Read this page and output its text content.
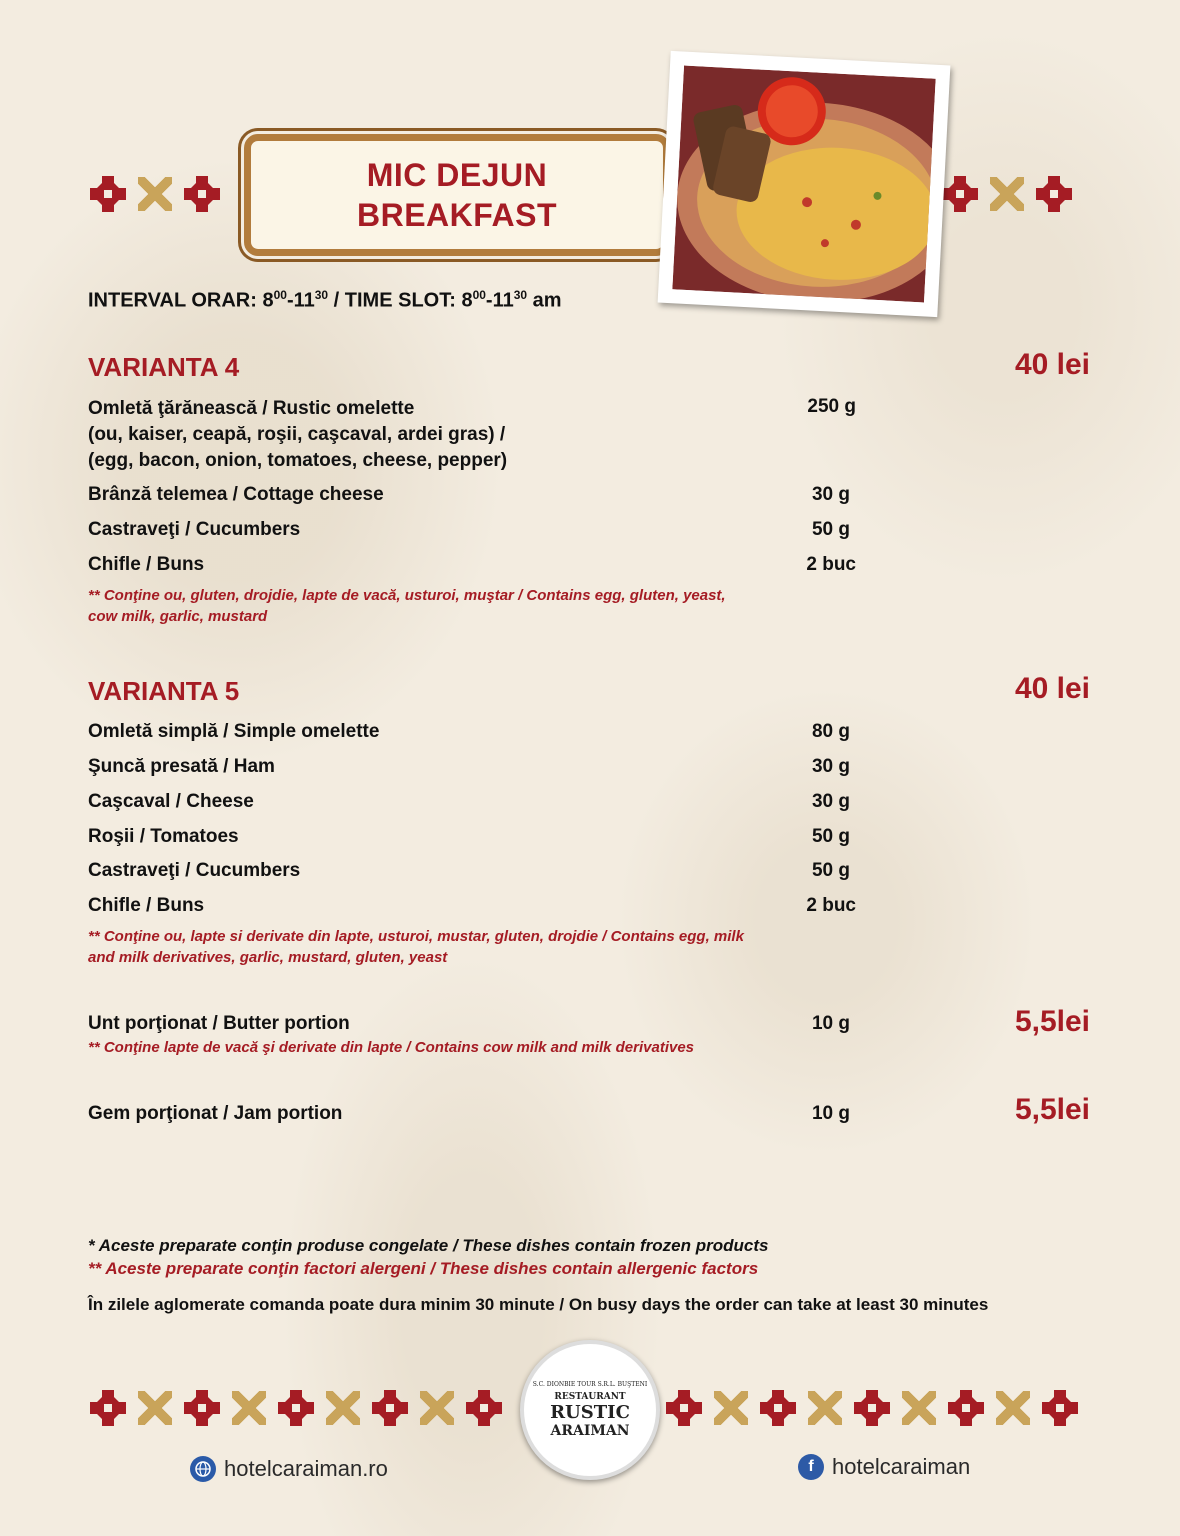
MIC DEJUN
BREAKFAST
INTERVAL ORAR: $8^{00}-11^{30}$ / TIME SLOT: $8^{00}-11^{30}$ am
VARIANTA 4	40 lei
Omletă ţărănească / Rustic omelette	250 g
(ou, kaiser, ceapă, roşii, caşcaval, ardei gras) /
(egg, bacon, onion, tomatoes, cheese, pepper)
Brânză telemea / Cottage cheese	30 g
Castraveţi / Cucumbers	50 g
Chifle / Buns	2 buc
** Conţine ou, gluten, drojdie, lapte de vacă, usturoi, muştar / Contains egg, gluten, yeast, cow milk, garlic, mustard
VARIANTA 5	40 lei
Omletă simplă / Simple omelette	80 g
Şuncă presată / Ham	30 g
Caşcaval / Cheese	30 g
Roşii / Tomatoes	50 g
Castraveţi / Cucumbers	50 g
Chifle / Buns	2 buc
** Conţine ou, lapte si derivate din lapte, usturoi, mustar, gluten, drojdie / Contains egg, milk and milk derivatives, garlic, mustard, gluten, yeast
Unt porţionat / Butter portion	10 g	5,5lei
** Conţine lapte de vacă şi derivate din lapte / Contains cow milk and milk derivatives
Gem porţionat / Jam portion	10 g	5,5lei
* Aceste preparate conţin produse congelate / These dishes contain frozen products
** Aceste preparate conţin factori alergeni / These dishes contain allergenic factors
În zilele aglomerate comanda poate dura minim 30 minute / On busy days the order can take at least 30 minutes
S.C. DIONBIE TOUR S.R.L. BUŞTENI
RESTAURANT
RUSTIC
ARAIMAN
hotelcaraiman.ro	f hotelcaraiman
